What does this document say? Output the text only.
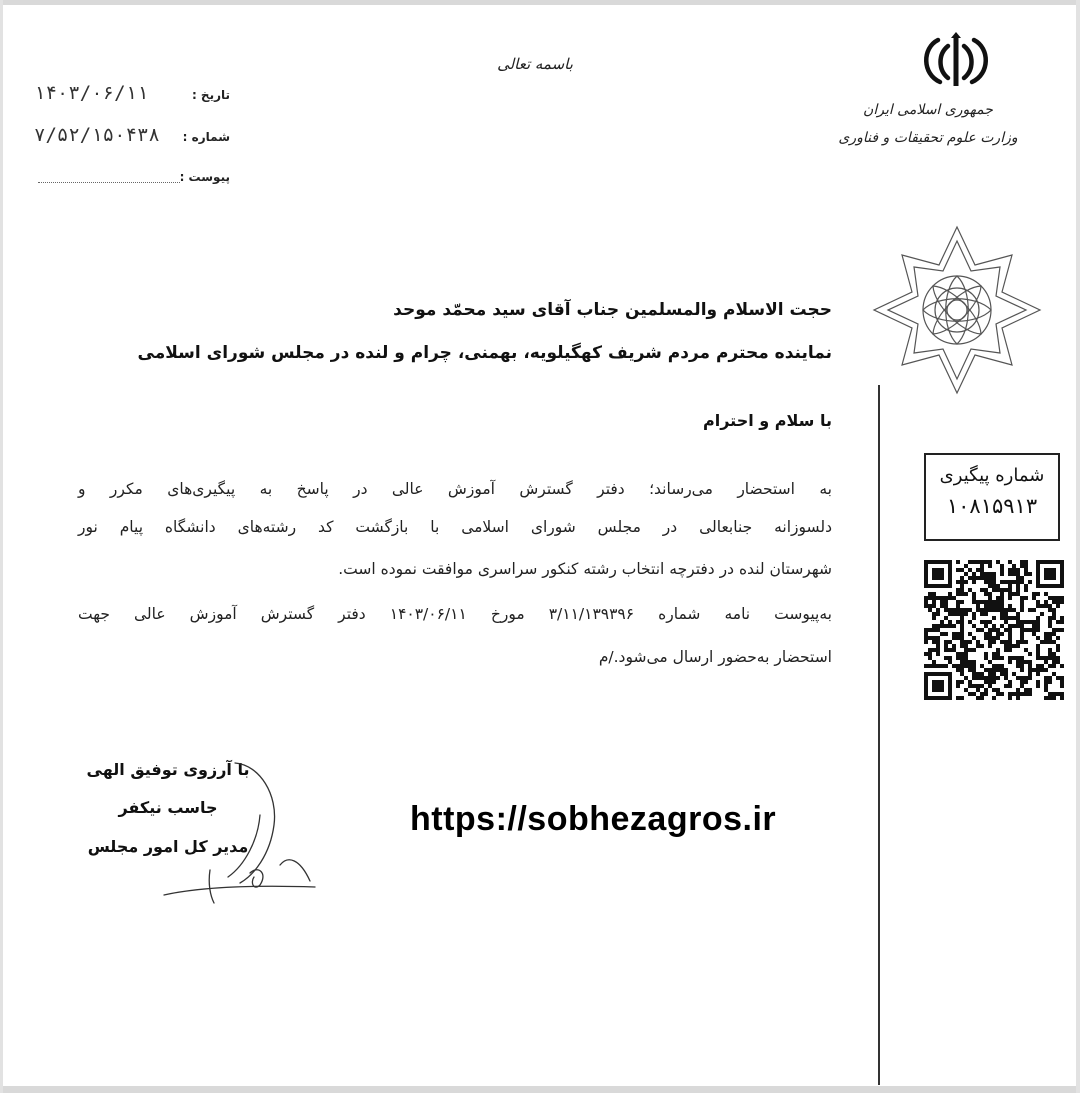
جمهوری اسلامی ایران
وزارت علوم تحقیقات و فناوری
باسمه تعالی
تاریخ :
۱۴۰۳/۰۶/۱۱
شماره :
۷/۵۲/۱۵۰۴۳۸
پیوست :
حجت الاسلام والمسلمین جناب آقای سید محمّد موحد
نماینده محترم مردم شریف کهگیلویه، بهمنی، چرام و لنده در مجلس شورای اسلامی
با سلام و احترام
به استحضار می‌رساند؛ دفتر گسترش آموزش عالی در پاسخ به پیگیری‌های مکرر و
دلسوزانه جنابعالی در مجلس شورای اسلامی با بازگشت کد رشته‌های دانشگاه پیام نور
شهرستان لنده در دفترچه انتخاب رشته کنکور سراسری موافقت نموده است.
به‌پیوست نامه شماره ۳/۱۱/۱۳۹۳۹۶ مورخ ۱۴۰۳/۰۶/۱۱ دفتر گسترش آموزش عالی جهت
استحضار به‌حضور ارسال می‌شود./م
شماره پیگیری
۱۰۸۱۵۹۱۳
با آرزوی توفیق الهی
جاسب نیکفر
مدیر کل امور مجلس
https://sobhezagros.ir
